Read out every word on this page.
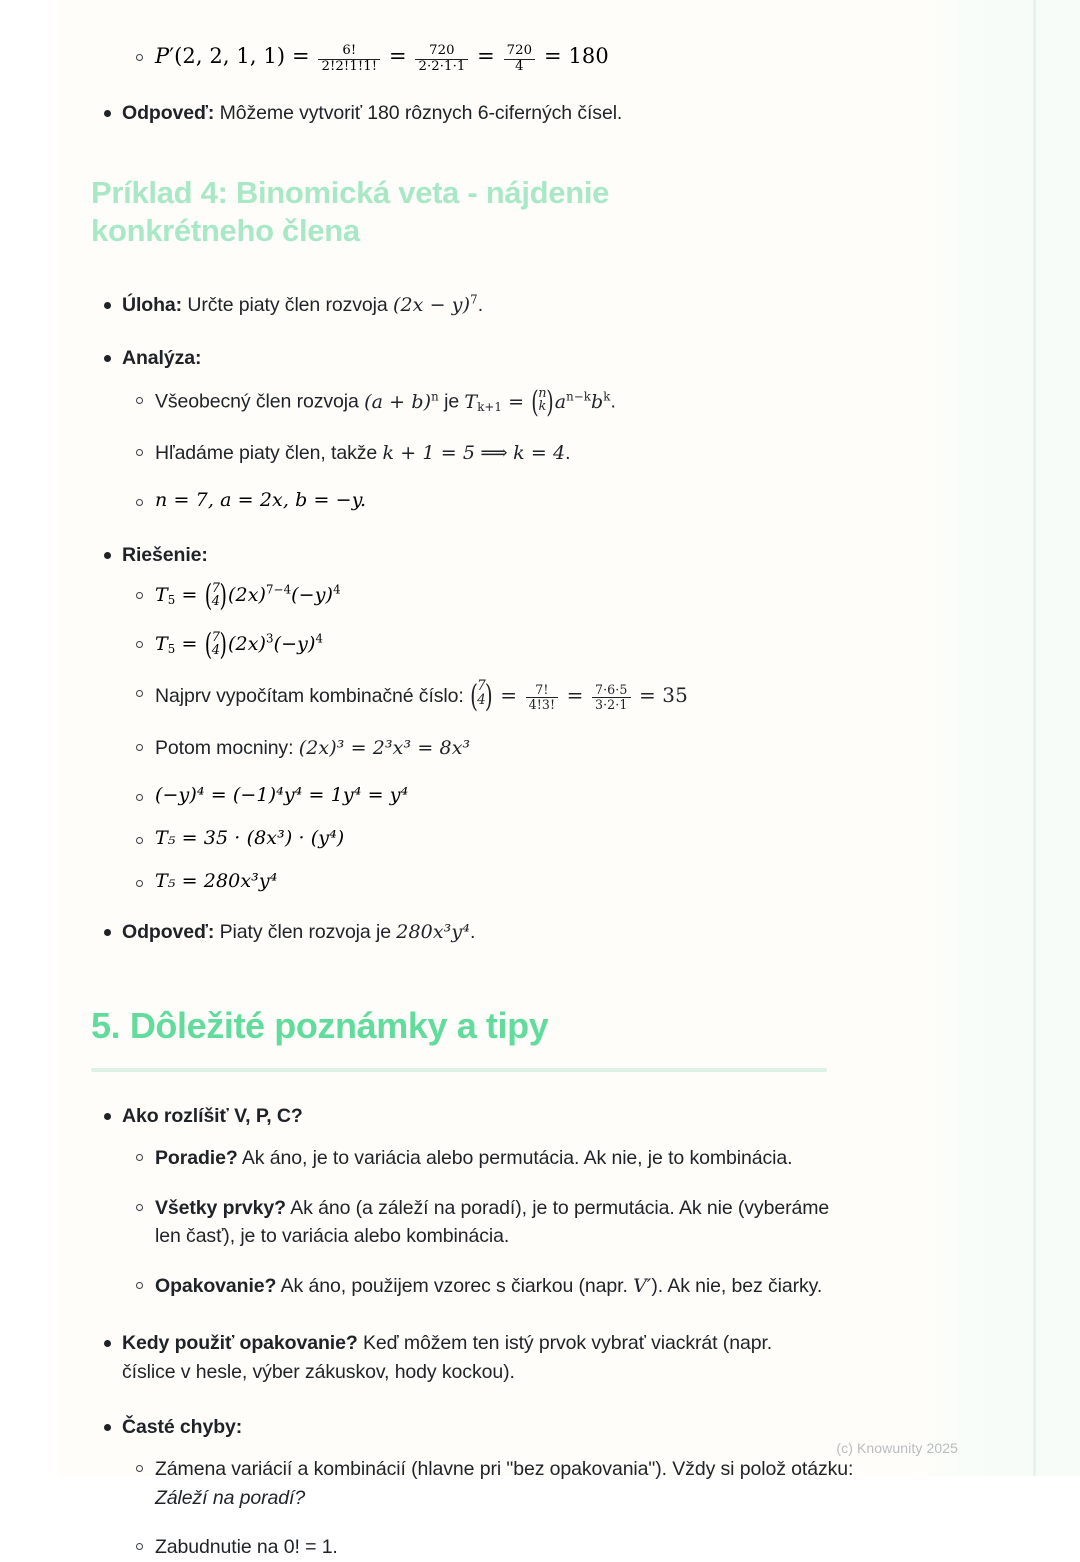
P′(2, 2, 1, $1) = \frac{6!}{2!2!1!1!} = \frac{720}{2\cdot 2\cdot 1\cdot 1} = \frac{720}{4} = 180$
Odpoveď: Môžeme vytvoriť 180 rôznych 6-ciferných čísel.
Príklad 4: Binomická veta - nájdenie konkrétneho člena
Úloha: Určte piaty člen rozvoja $(2x - y)^7$.
Analýza:
Všeobecný člen rozvoja $(a + b)^n$ je $T_{k+1}$ = ( n
k
) $a^{n-k}b^k$.
Hľadáme piaty člen, takže k + 1 = 5 ⟹ k = 4.
n = 7, a = 2x, b = −y.
Riešenie:
$T_5$ = ( 7
4
) $(2x)^{7-4}(-y)^4$
$T_5$ = ( 7
4
) $(2x)^3(-y)^4$
Najprv vypočítam kombinačné číslo: ( 7
4
) = $\frac{7!}{4!3!} = \frac{7\cdot 6\cdot 5}{3\cdot 2\cdot 1} = 35$
Potom mocniny: (2x)³ = 2³x³ = 8x³
(−y)⁴ = (−1)⁴y⁴ = 1y⁴ = y⁴
T₅ = 35 · (8x³) · (y⁴)
T₅ = 280x³y⁴
Odpoveď: Piaty člen rozvoja je 280x³y⁴.
5. Dôležité poznámky a tipy
Ako rozlíšiť V, P, C?
Poradie? Ak áno, je to variácia alebo permutácia. Ak nie, je to kombinácia.
Všetky prvky? Ak áno (a záleží na poradí), je to permutácia. Ak nie (vyberáme len časť), je to variácia alebo kombinácia.
Opakovanie? Ak áno, použijem vzorec s čiarkou (napr. V′). Ak nie, bez čiarky.
Kedy použiť opakovanie? Keď môžem ten istý prvok vybrať viackrát (napr. číslice v hesle, výber zákuskov, hody kockou).
Časté chyby:
Zámena variácií a kombinácií (hlavne pri "bez opakovania"). Vždy si polož otázku: Záleží na poradí?
Zabudnutie na 0! = 1.
(c) Knowunity 2025
